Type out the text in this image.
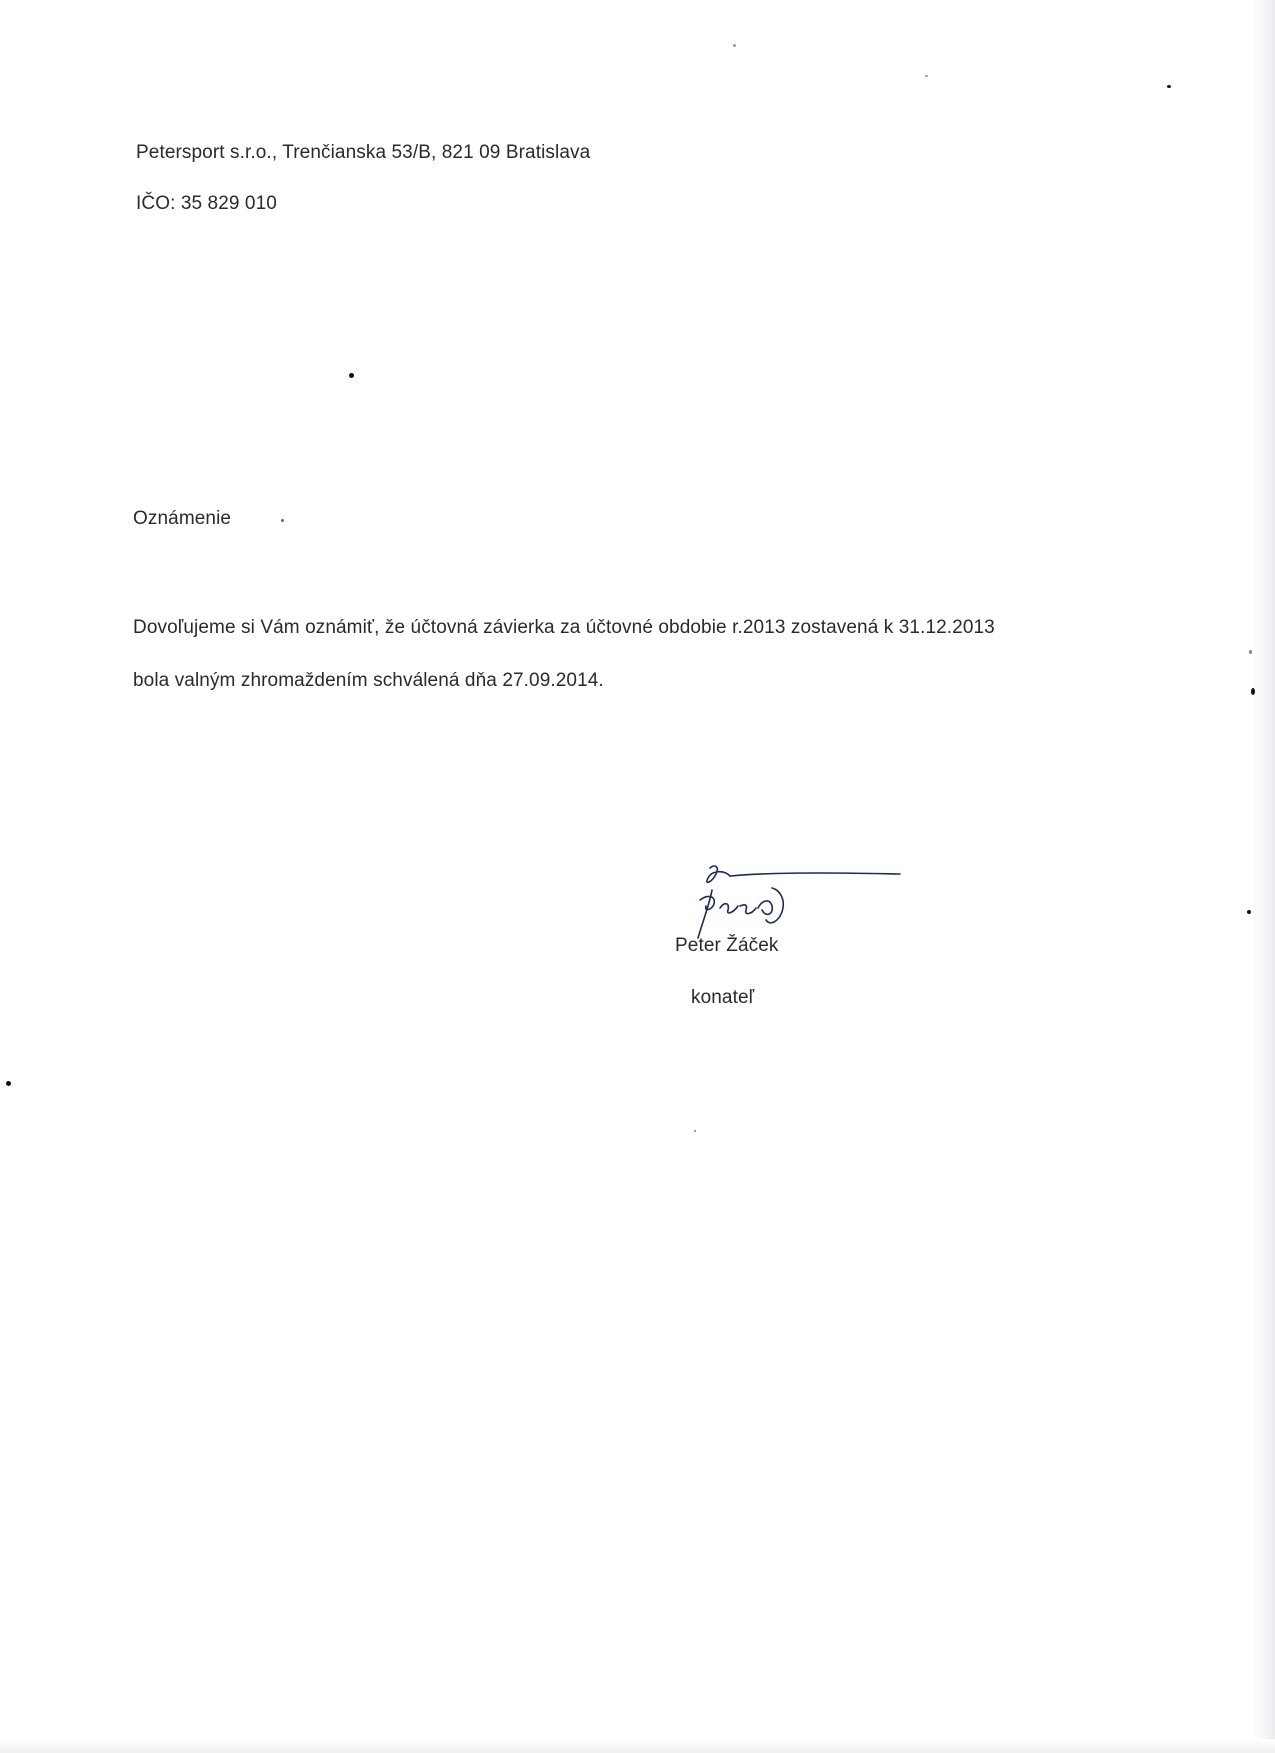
Petersport s.r.o., Trenčianska 53/B, 821 09 Bratislava
IČO: 35 829 010
Oznámenie
Dovoľujeme si Vám oznámiť, že účtovná závierka za účtovné obdobie r.2013 zostavená k 31.12.2013
bola valným zhromaždením schválená dňa 27.09.2014.
Peter Žáček
konateľ
